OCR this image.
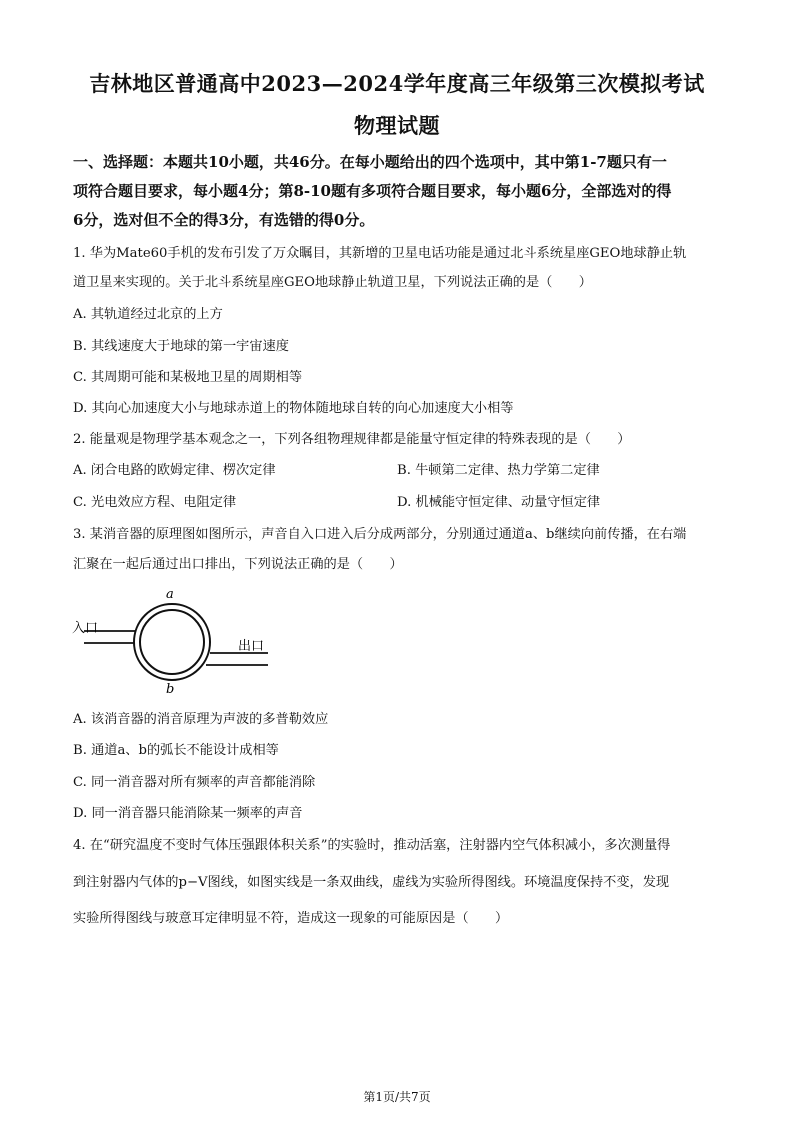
吉林地区普通高中2023—2024学年度高三年级第三次模拟考试
物理试题
一、选择题：本题共10小题，共46分。在每小题给出的四个选项中，其中第1-7题只有一
项符合题目要求，每小题4分；第8-10题有多项符合题目要求，每小题6分，全部选对的得
6分，选对但不全的得3分，有选错的得0分。
1. 华为Mate60手机的发布引发了万众瞩目，其新增的卫星电话功能是通过北斗系统星座GEO地球静止轨
道卫星来实现的。关于北斗系统星座GEO地球静止轨道卫星，下列说法正确的是（　　）
A. 其轨道经过北京的上方
B. 其线速度大于地球的第一宇宙速度
C. 其周期可能和某极地卫星的周期相等
D. 其向心加速度大小与地球赤道上的物体随地球自转的向心加速度大小相等
2. 能量观是物理学基本观念之一，下列各组物理规律都是能量守恒定律的特殊表现的是（　　）
A. 闭合电路的欧姆定律、楞次定律	B. 牛顿第二定律、热力学第二定律
C. 光电效应方程、电阻定律	D. 机械能守恒定律、动量守恒定律
3. 某消音器的原理图如图所示，声音自入口进入后分成两部分，分别通过通道a、b继续向前传播，在右端
汇聚在一起后通过出口排出，下列说法正确的是（　　）
a
b
入口
出口
A. 该消音器的消音原理为声波的多普勒效应
B. 通道a、b的弧长不能设计成相等
C. 同一消音器对所有频率的声音都能消除
D. 同一消音器只能消除某一频率的声音
4. 在“研究温度不变时气体压强跟体积关系”的实验时，推动活塞，注射器内空气体积减小，多次测量得
到注射器内气体的p−V图线，如图实线是一条双曲线，虚线为实验所得图线。环境温度保持不变，发现
实验所得图线与玻意耳定律明显不符，造成这一现象的可能原因是（　　）
第1页/共7页
